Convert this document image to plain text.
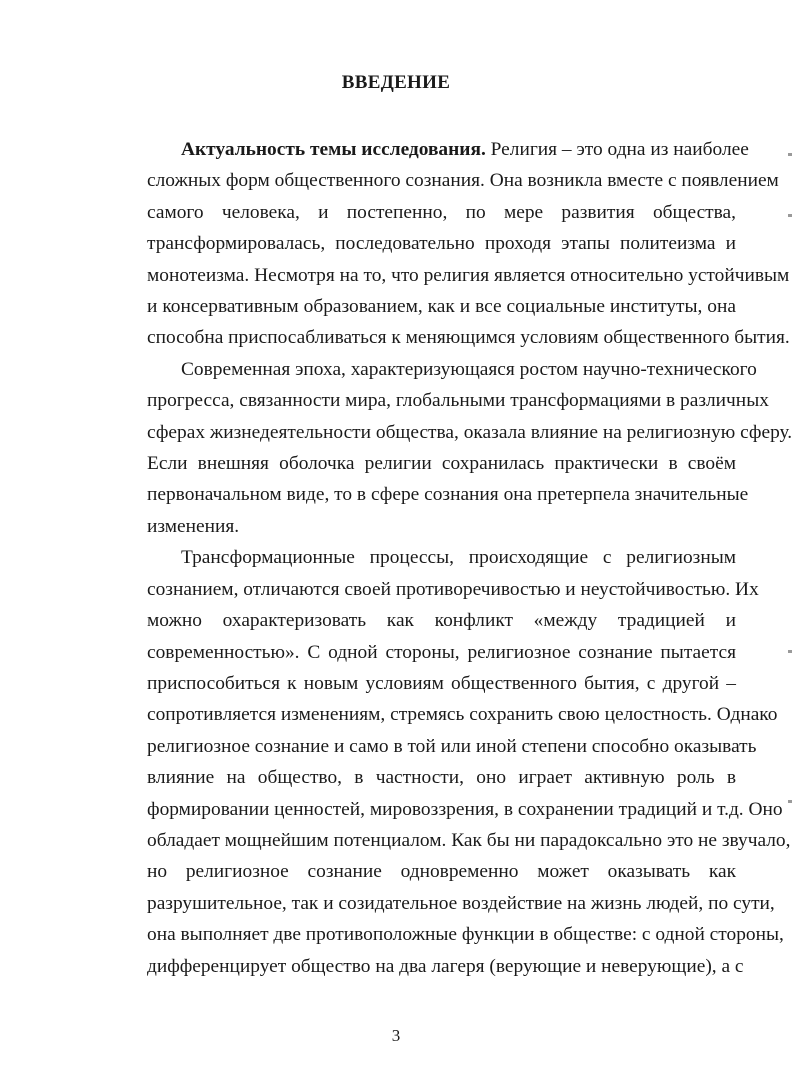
ВВЕДЕНИЕ
Актуальность темы исследования. Религия – это одна из наиболее
сложных форм общественного сознания. Она возникла вместе с появлением
самого человека, и постепенно, по мере развития общества,
трансформировалась, последовательно проходя этапы политеизма и
монотеизма. Несмотря на то, что религия является относительно устойчивым
и консервативным образованием, как и все социальные институты, она
способна приспосабливаться к меняющимся условиям общественного бытия.
Современная эпоха, характеризующаяся ростом научно-технического
прогресса, связанности мира, глобальными трансформациями в различных
сферах жизнедеятельности общества, оказала влияние на религиозную сферу.
Если внешняя оболочка религии сохранилась практически в своём
первоначальном виде, то в сфере сознания она претерпела значительные
изменения.
Трансформационные процессы, происходящие с религиозным
сознанием, отличаются своей противоречивостью и неустойчивостью. Их
можно охарактеризовать как конфликт «между традицией и
современностью». С одной стороны, религиозное сознание пытается
приспособиться к новым условиям общественного бытия, с другой –
сопротивляется изменениям, стремясь сохранить свою целостность. Однако
религиозное сознание и само в той или иной степени способно оказывать
влияние на общество, в частности, оно играет активную роль в
формировании ценностей, мировоззрения, в сохранении традиций и т.д. Оно
обладает мощнейшим потенциалом. Как бы ни парадоксально это не звучало,
но религиозное сознание одновременно может оказывать как
разрушительное, так и созидательное воздействие на жизнь людей, по сути,
она выполняет две противоположные функции в обществе: с одной стороны,
дифференцирует общество на два лагеря (верующие и неверующие), а с
3
